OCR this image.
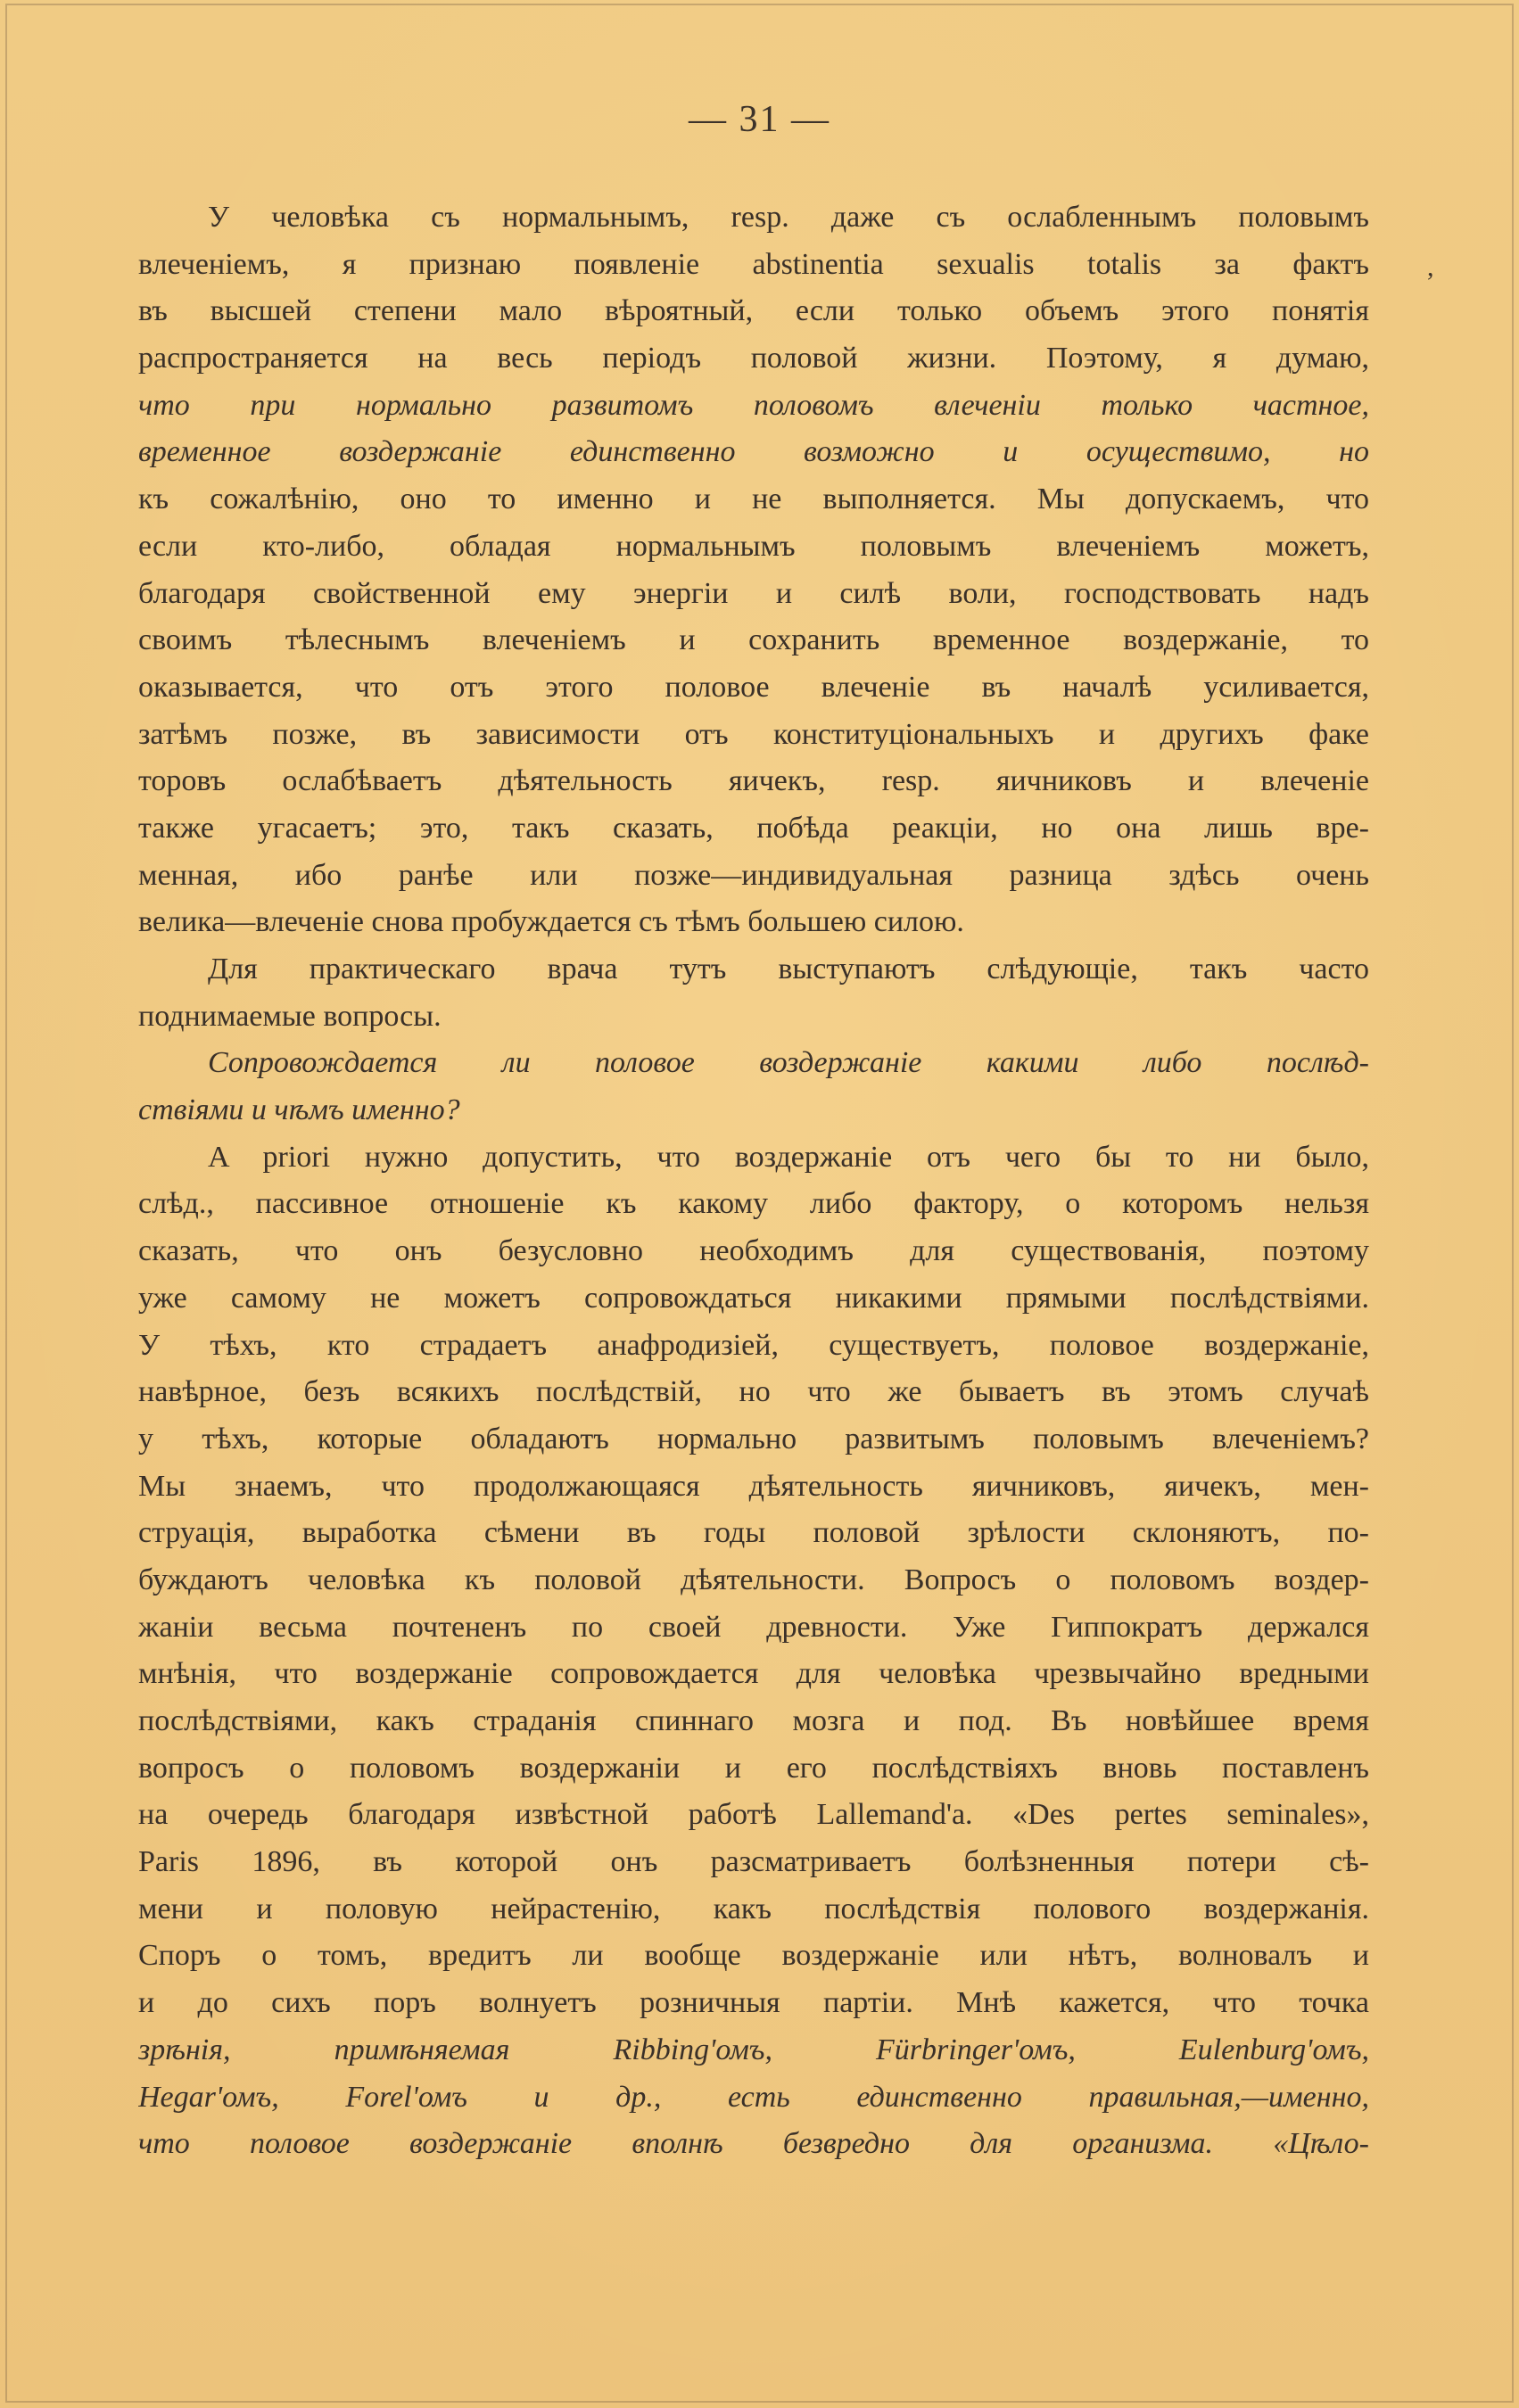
— 31 —
У человѣка съ нормальнымъ, resp. даже съ ослабленнымъ половымъ
влеченіемъ, я признаю появленіе abstinentia sexualis totalis за фактъ
въ высшей степени мало вѣроятный, если только объемъ этого понятія
распространяется на весь періодъ половой жизни. Поэтому, я думаю,
что при нормально развитомъ половомъ влеченіи только частное,
временное воздержаніе единственно возможно и осуществимо, но
къ сожалѣнію, оно то именно и не выполняется. Мы допускаемъ, что
если кто-либо, обладая нормальнымъ половымъ влеченіемъ можетъ,
благодаря свойственной ему энергіи и силѣ воли, господствовать надъ
своимъ тѣлеснымъ влеченіемъ и сохранить временное воздержаніе, то
оказывается, что отъ этого половое влеченіе въ началѣ усиливается,
затѣмъ позже, въ зависимости отъ конституціональныхъ и другихъ факе
торовъ ослабѣваетъ дѣятельность яичекъ, resp. яичниковъ и влеченіе
также угасаетъ; это, такъ сказать, побѣда реакціи, но она лишь вре-
менная, ибо ранѣе или позже—индивидуальная разница здѣсь очень
велика—влеченіе снова пробуждается съ тѣмъ большею силою.
Для практическаго врача тутъ выступаютъ слѣдующіе, такъ часто
поднимаемые вопросы.
Сопровождается ли половое воздержаніе какими либо послѣд-
ствіями и чѣмъ именно?
A priori нужно допустить, что воздержаніе отъ чего бы то ни было,
слѣд., пассивное отношеніе къ какому либо фактору, о которомъ нельзя
сказать, что онъ безусловно необходимъ для существованія, поэтому
уже самому не можетъ сопровождаться никакими прямыми послѣдствіями.
У тѣхъ, кто страдаетъ анафродизіей, существуетъ, половое воздержаніе,
навѣрное, безъ всякихъ послѣдствій, но что же бываетъ въ этомъ случаѣ
у тѣхъ, которые обладаютъ нормально развитымъ половымъ влеченіемъ?
Мы знаемъ, что продолжающаяся дѣятельность яичниковъ, яичекъ, мен-
струація, выработка сѣмени въ годы половой зрѣлости склоняютъ, по-
буждаютъ человѣка къ половой дѣятельности. Вопросъ о половомъ воздер-
жаніи весьма почтененъ по своей древности. Уже Гиппократъ держался
мнѣнія, что воздержаніе сопровождается для человѣка чрезвычайно вредными
послѣдствіями, какъ страданія спиннаго мозга и под. Въ новѣйшее время
вопросъ о половомъ воздержаніи и его послѣдствіяхъ вновь поставленъ
на очередь благодаря извѣстной работѣ Lallemand'а. «Des pertes seminales»,
Paris 1896, въ которой онъ разсматриваетъ болѣзненныя потери сѣ-
мени и половую нейрастенію, какъ послѣдствія полового воздержанія.
Споръ о томъ, вредитъ ли вообще воздержаніе или нѣтъ, волновалъ и
и до сихъ поръ волнуетъ розничныя партіи. Мнѣ кажется, что точка
зрѣнія, примѣняемая Ribbing'омъ, Fürbringer'омъ, Eulenburg'омъ,
Hegar'омъ, Forel'омъ и др., есть единственно правильная,—именно,
что половое воздержаніе вполнѣ безвредно для организма. «Цѣло-
,
